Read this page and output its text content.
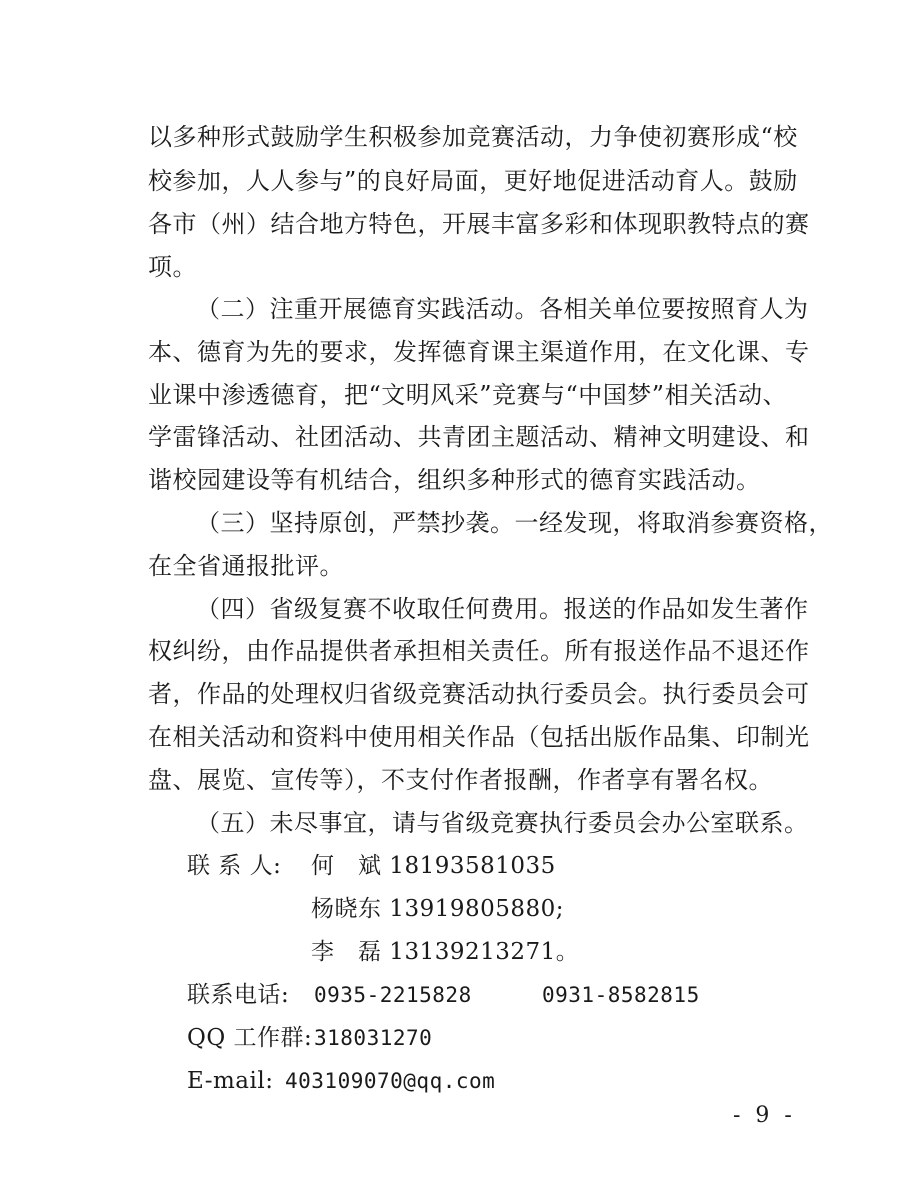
以多种形式鼓励学生积极参加竞赛活动，力争使初赛形成“校
校参加，人人参与”的良好局面，更好地促进活动育人。鼓励
各市（州）结合地方特色，开展丰富多彩和体现职教特点的赛
项。
（二）注重开展德育实践活动。各相关单位要按照育人为
本、德育为先的要求，发挥德育课主渠道作用，在文化课、专
业课中渗透德育，把“文明风采”竞赛与“中国梦”相关活动、
学雷锋活动、社团活动、共青团主题活动、精神文明建设、和
谐校园建设等有机结合，组织多种形式的德育实践活动。
（三）坚持原创，严禁抄袭。一经发现，将取消参赛资格，
在全省通报批评。
（四）省级复赛不收取任何费用。报送的作品如发生著作
权纠纷，由作品提供者承担相关责任。所有报送作品不退还作
者，作品的处理权归省级竞赛活动执行委员会。执行委员会可
在相关活动和资料中使用相关作品（包括出版作品集、印制光
盘、展览、宣传等），不支付作者报酬，作者享有署名权。
（五）未尽事宜，请与省级竞赛执行委员会办公室联系。
联 系 人: 何　斌 18193581035
杨晓东 13919805880;
李　磊 13139213271。
联系电话: 0935-2215828	0931-8582815
QQ 工作群: 318031270
E-mail: 403109070@qq.com
- 9 -
